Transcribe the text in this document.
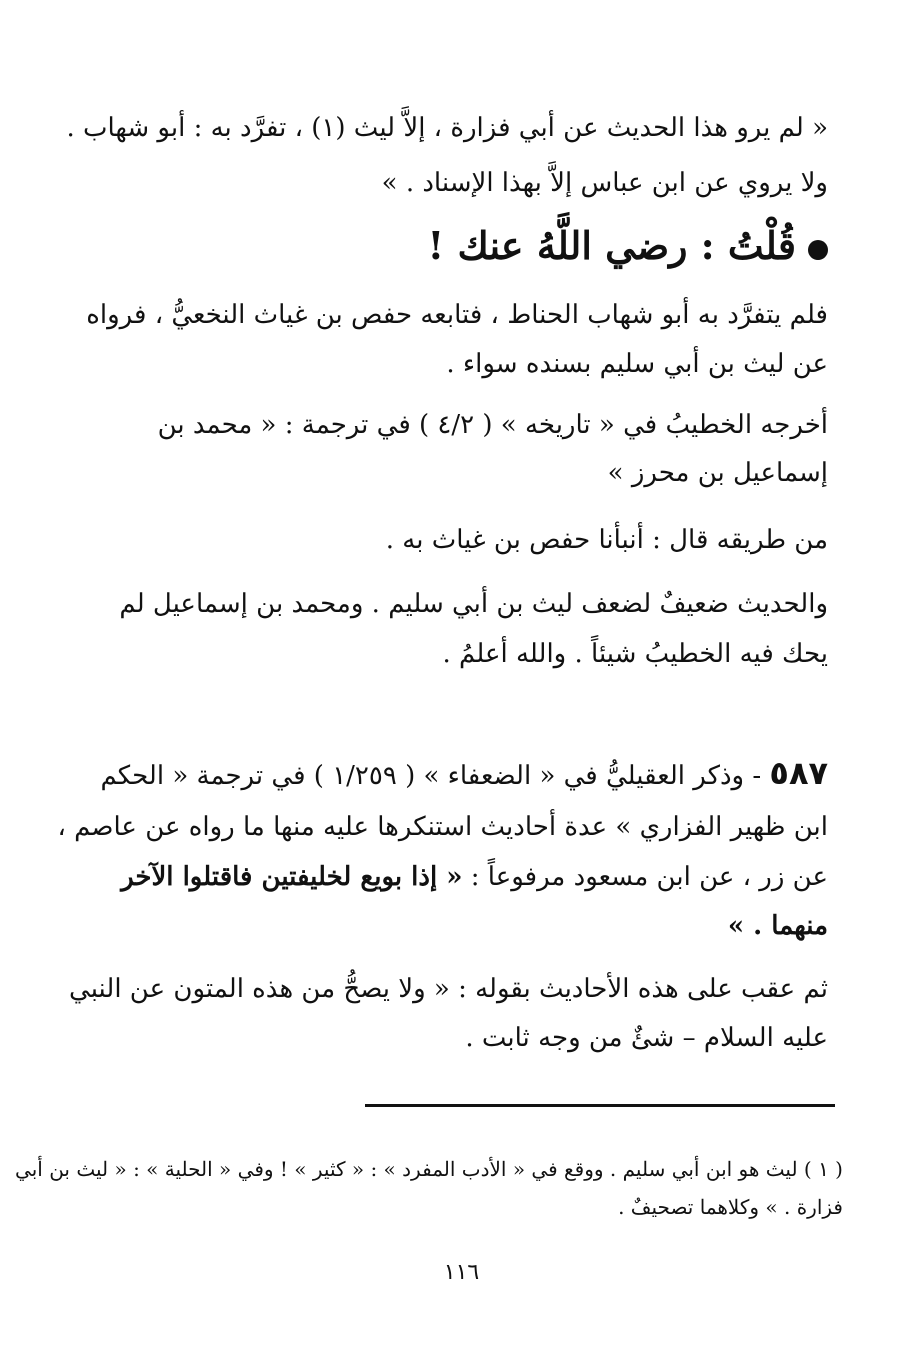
« لم يرو هذا الحديث عن أبي فزارة ، إلاَّ ليث (١) ، تفرَّد به : أبو شهاب .
ولا يروي عن ابن عباس إلاَّ بهذا الإسناد . »
قُلْتُ : رضي اللَّهُ عنك !
فلم يتفرَّد به أبو شهاب الحناط ، فتابعه حفص بن غياث النخعيُّ ، فرواه
عن ليث بن أبي سليم بسنده سواء .
أخرجه الخطيبُ في « تاريخه » ( ٤/٢ ) في ترجمة : « محمد بن
إسماعيل بن محرز »
من طريقه قال : أنبأنا حفص بن غياث به .
والحديث ضعيفٌ لضعف ليث بن أبي سليم . ومحمد بن إسماعيل لم
يحك فيه الخطيبُ شيئاً . والله أعلمُ .
٥٨٧ - وذكر العقيليُّ في « الضعفاء » ( ١/٢٥٩ ) في ترجمة « الحكم
ابن ظهير الفزاري » عدة أحاديث استنكرها عليه منها ما رواه عن عاصم ،
عن زر ، عن ابن مسعود مرفوعاً : « إذا بويع لخليفتين فاقتلوا الآخر
منهما . »
ثم عقب على هذه الأحاديث بقوله : « ولا يصحُّ من هذه المتون عن النبي
عليه السلام – شئٌ من وجه ثابت .
( ١ ) ليث هو ابن أبي سليم . ووقع في « الأدب المفرد » : « كثير » ! وفي « الحلية » : « ليث بن أبي
فزارة . » وكلاهما تصحيفٌ .
١١٦
